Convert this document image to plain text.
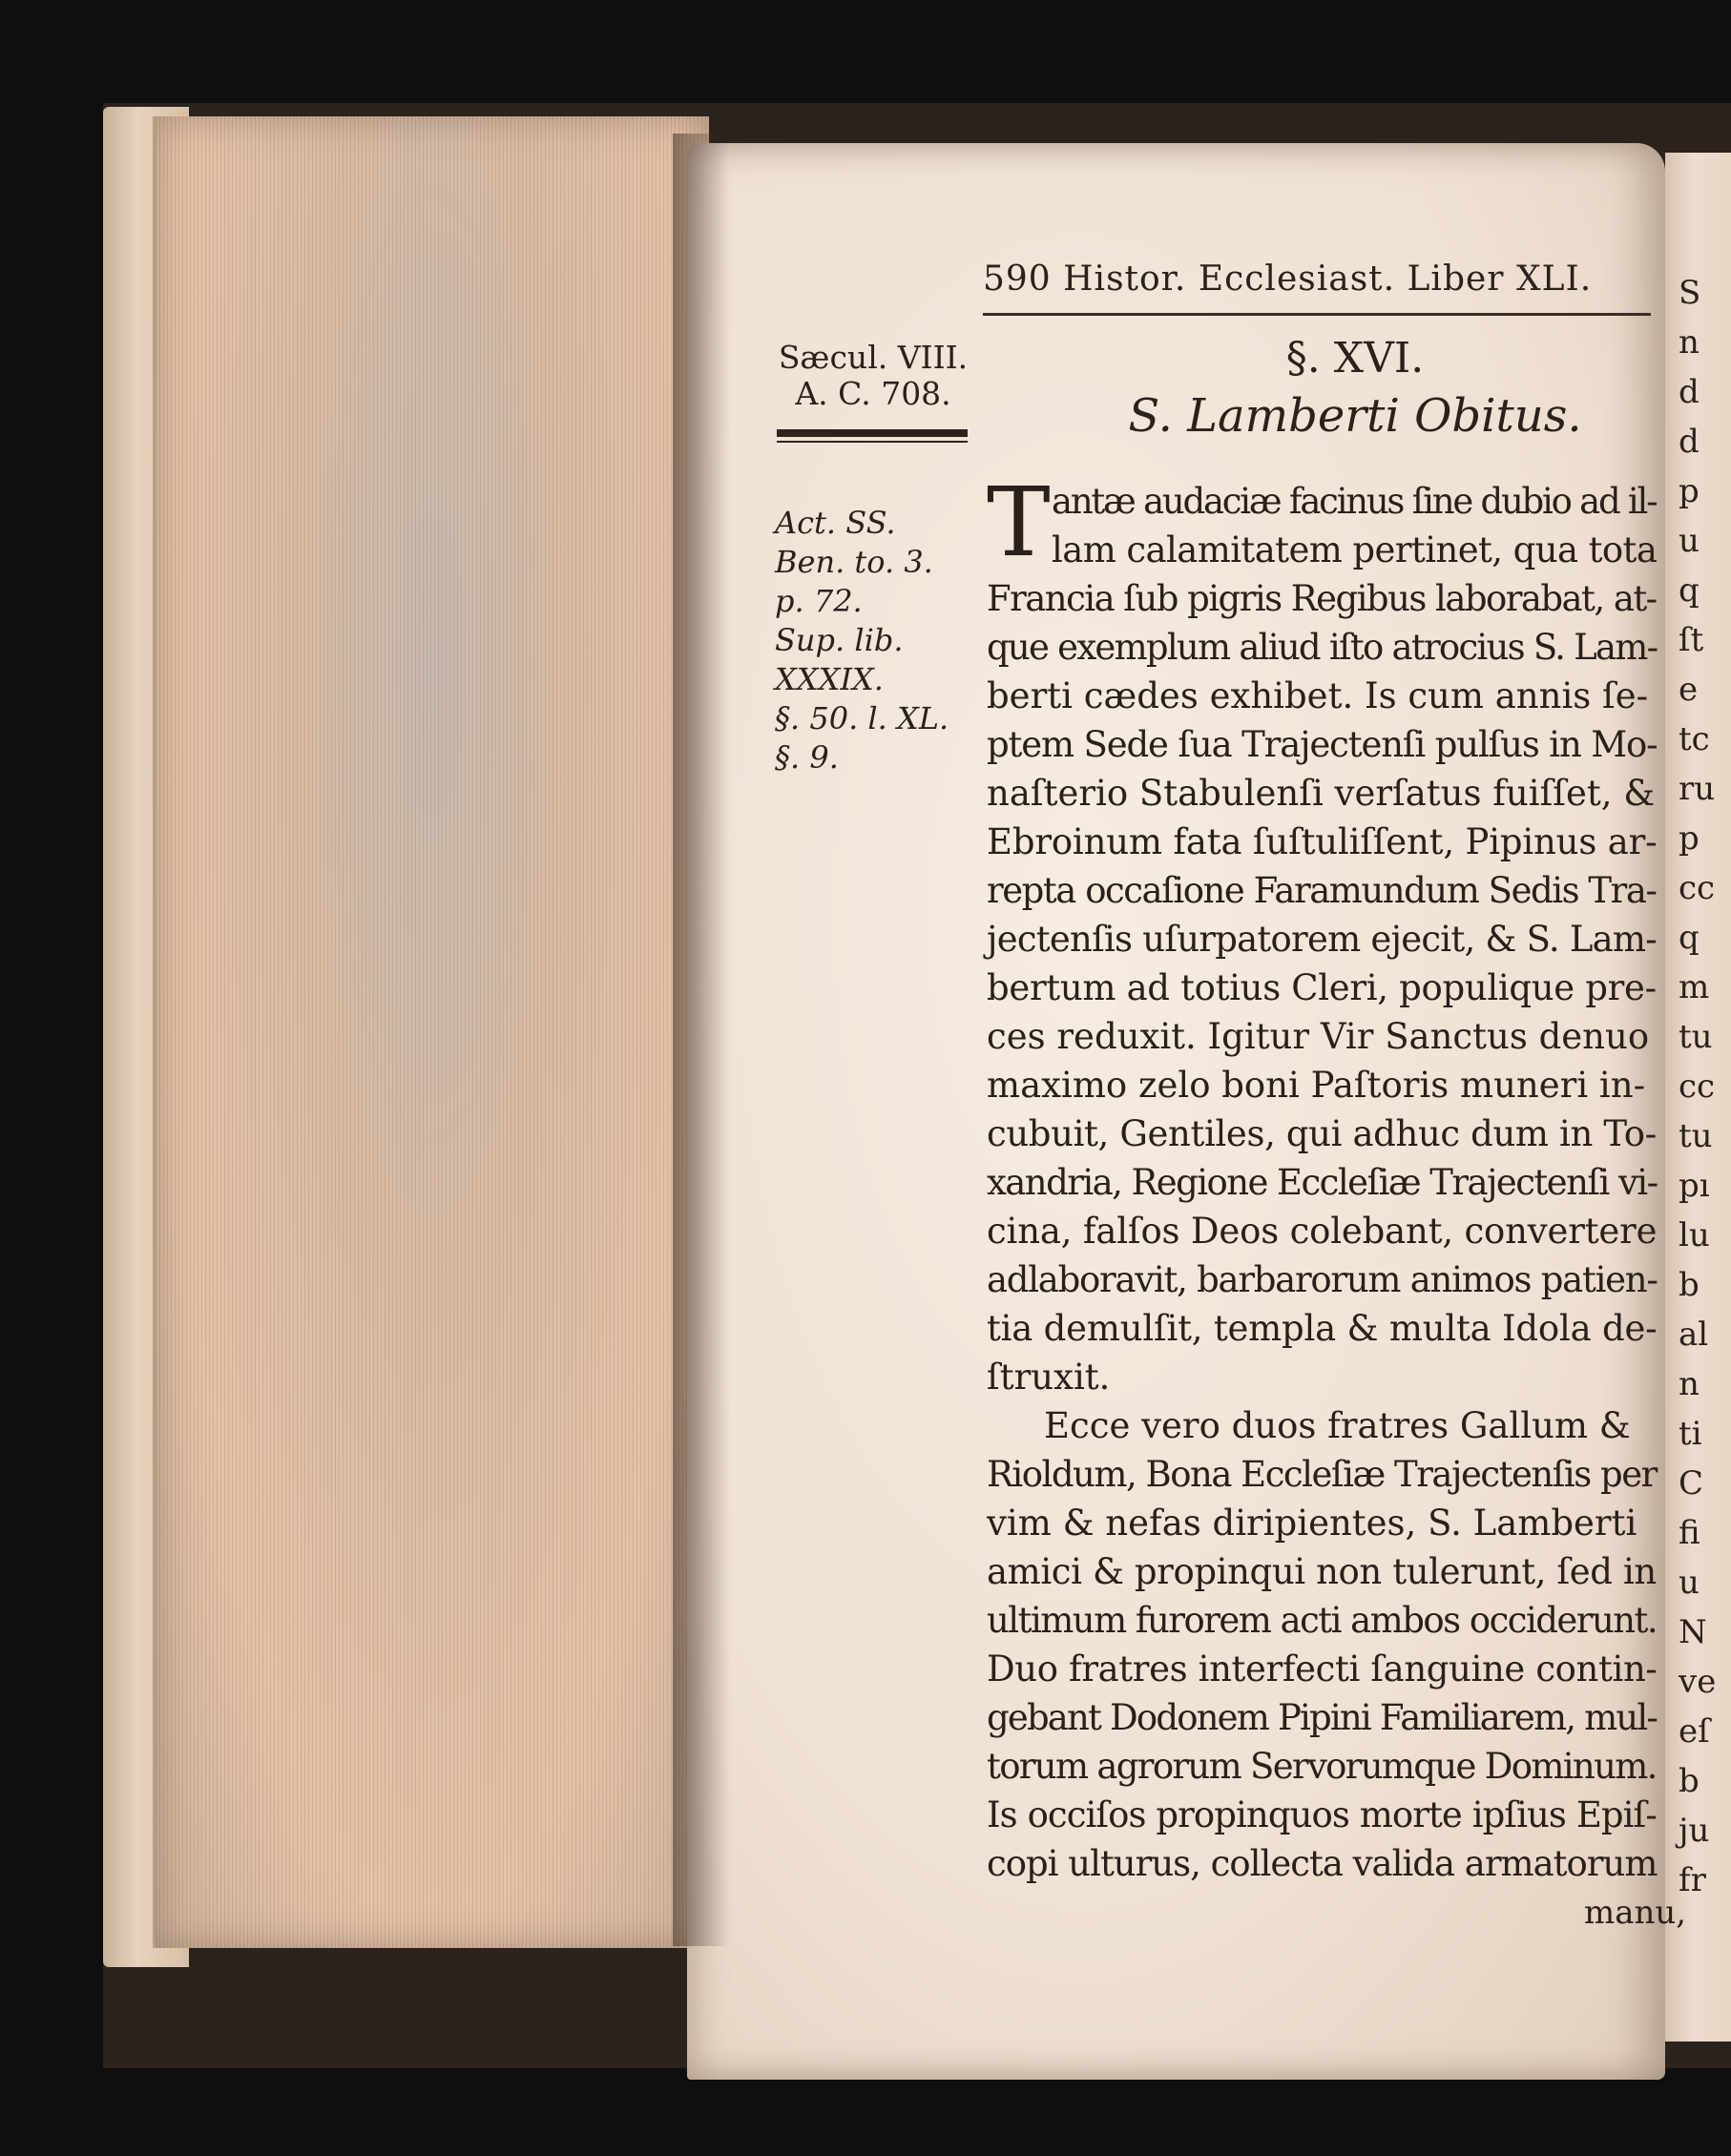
S
n
d
d
p
u
q
ſt
e
tc
ru
p
cc
q
m
tu
cc
tu
pı
lu
b
al
n
ti
C
fi
u
N
ve
eſ
b
ju
fr
590 Histor. Ecclesiast. Liber XLI.
Sæcul. VIII.
A. C. 708.
Act. SS.
Ben. to. 3.
p. 72.
Sup. lib.
XXXIX.
§. 50. l. XL.
§. 9.
§. XVI.
S. Lamberti Obitus.
T antæ audaciæ facinus ſine dubio ad il-
lam calamitatem pertinet, qua tota
Francia ſub pigris Regibus laborabat, at-
que exemplum aliud iſto atrocius S. Lam-
berti cædes exhibet. Is cum annis ſe-
ptem Sede ſua Trajectenſi pulſus in Mo-
naſterio Stabulenſi verſatus fuiſſet, &
Ebroinum fata ſuſtuliſſent, Pipinus ar-
repta occaſione Faramundum Sedis Tra-
jectenſis uſurpatorem ejecit, & S. Lam-
bertum ad totius Cleri, populique pre-
ces reduxit. Igitur Vir Sanctus denuo
maximo zelo boni Paſtoris muneri in-
cubuit, Gentiles, qui adhuc dum in To-
xandria, Regione Eccleſiæ Trajectenſi vi-
cina, falſos Deos colebant, convertere
adlaboravit, barbarorum animos patien-
tia demulſit, templa & multa Idola de-
ſtruxit.
Ecce vero duos fratres Gallum &
Rioldum, Bona Eccleſiæ Trajectenſis per
vim & nefas diripientes, S. Lamberti
amici & propinqui non tulerunt, ſed in
ultimum furorem acti ambos occiderunt.
Duo fratres interfecti ſanguine contin-
gebant Dodonem Pipini Familiarem, mul-
torum agrorum Servorumque Dominum.
Is occiſos propinquos morte ipſius Epiſ-
copi ulturus, collecta valida armatorum
manu,
